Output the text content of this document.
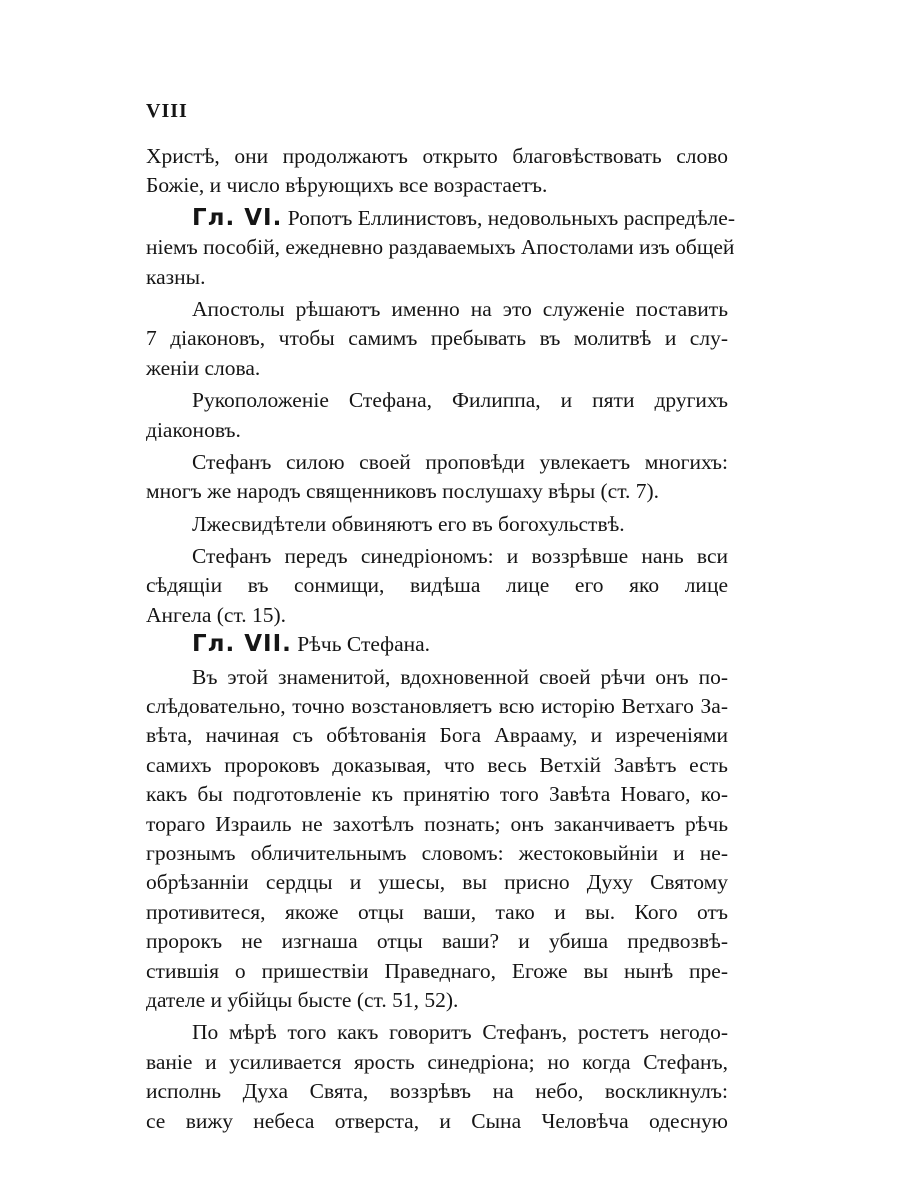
VIII
Христѣ, они продолжаютъ открыто благовѣствовать слово
Божіе, и число вѣрующихъ все возрастаетъ.
Гл. VI. Ропотъ Еллинистовъ, недовольныхъ распредѣле-
ніемъ пособій, ежедневно раздаваемыхъ Апостолами изъ общей
казны.
Апостолы рѣшаютъ именно на это служеніе поставить
7 діаконовъ, чтобы самимъ пребывать въ молитвѣ и слу-
женіи слова.
Рукоположеніе Стефана, Филиппа, и пяти другихъ
діаконовъ.
Стефанъ силою своей проповѣди увлекаетъ многихъ:
многъ же народъ священниковъ послушаху вѣры (ст. 7).
Лжесвидѣтели обвиняютъ его въ богохульствѣ.
Стефанъ передъ синедріономъ: и воззрѣвше нань вси
сѣдящіи въ сонмищи, видѣша лице его яко лице
Ангела (ст. 15).
Гл. VII. Рѣчь Стефана.
Въ этой знаменитой, вдохновенной своей рѣчи онъ по-
слѣдовательно, точно возстановляетъ всю исторію Ветхаго За-
вѣта, начиная съ обѣтованія Бога Аврааму, и изреченіями
самихъ пророковъ доказывая, что весь Ветхій Завѣтъ есть
какъ бы подготовленіе къ принятію того Завѣта Новаго, ко-
тораго Израиль не захотѣлъ познать; онъ заканчиваетъ рѣчь
грознымъ обличительнымъ словомъ: жестоковыйніи и не-
обрѣзанніи сердцы и ушесы, вы присно Духу Святому
противитеся, якоже отцы ваши, тако и вы. Кого отъ
пророкъ не изгнаша отцы ваши? и убиша предвозвѣ-
стившія о пришествіи Праведнаго, Егоже вы нынѣ пре-
дателе и убійцы бысте (ст. 51, 52).
По мѣрѣ того какъ говоритъ Стефанъ, ростетъ негодо-
ваніе и усиливается ярость синедріона; но когда Стефанъ,
исполнь Духа Свята, воззрѣвъ на небо, воскликнулъ:
се вижу небеса отверста, и Сына Человѣча одесную
